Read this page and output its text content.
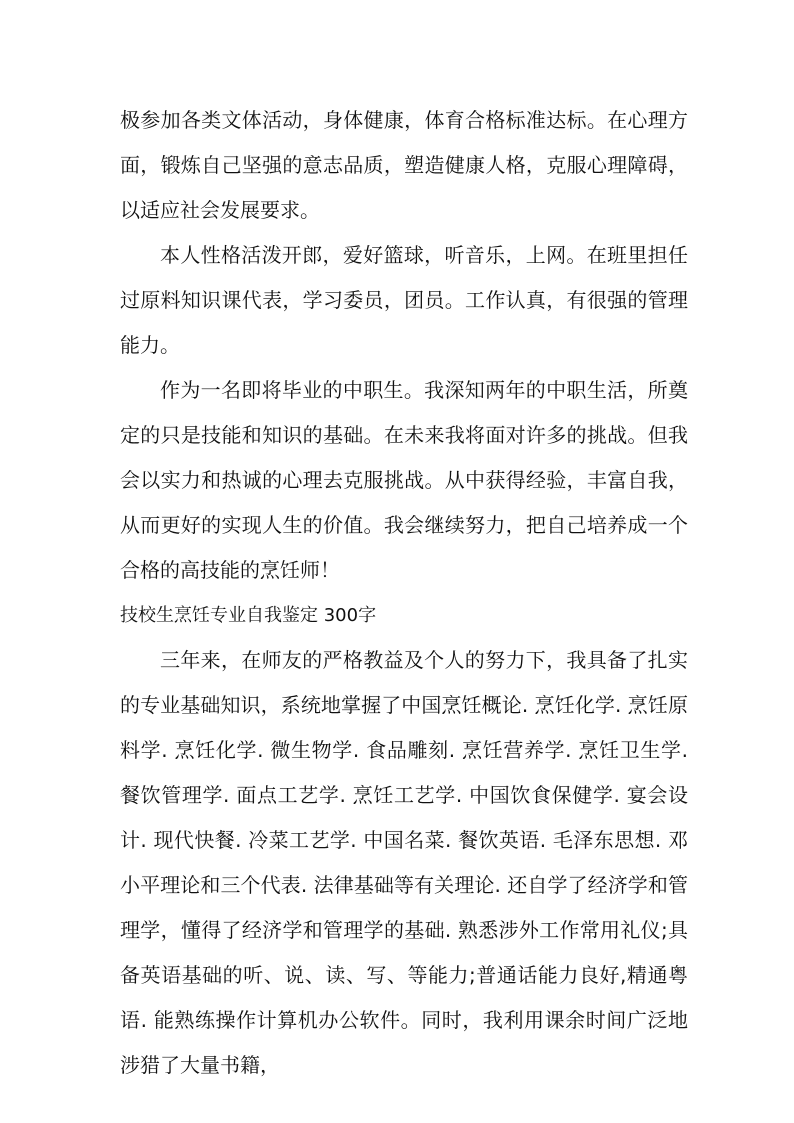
极参加各类文体活动，身体健康，体育合格标准达标。在心理方面，锻炼自己坚强的意志品质，塑造健康人格，克服心理障碍，以适应社会发展要求。

本人性格活泼开郎，爱好篮球，听音乐，上网。在班里担任过原料知识课代表，学习委员，团员。工作认真，有很强的管理能力。

作为一名即将毕业的中职生。我深知两年的中职生活，所奠定的只是技能和知识的基础。在未来我将面对许多的挑战。但我会以实力和热诚的心理去克服挑战。从中获得经验，丰富自我，从而更好的实现人生的价值。我会继续努力，把自己培养成一个合格的高技能的烹饪师！

技校生烹饪专业自我鉴定 300字

三年来，在师友的严格教益及个人的努力下，我具备了扎实的专业基础知识，系统地掌握了中国烹饪概论. 烹饪化学. 烹饪原料学. 烹饪化学. 微生物学. 食品雕刻. 烹饪营养学. 烹饪卫生学. 餐饮管理学. 面点工艺学. 烹饪工艺学. 中国饮食保健学. 宴会设计. 现代快餐. 冷菜工艺学. 中国名菜. 餐饮英语. 毛泽东思想. 邓小平理论和三个代表. 法律基础等有关理论. 还自学了经济学和管理学，懂得了经济学和管理学的基础. 熟悉涉外工作常用礼仪;具备英语基础的听、说、读、写、等能力;普通话能力良好,精通粤语. 能熟练操作计算机办公软件。同时，我利用课余时间广泛地涉猎了大量书籍，
